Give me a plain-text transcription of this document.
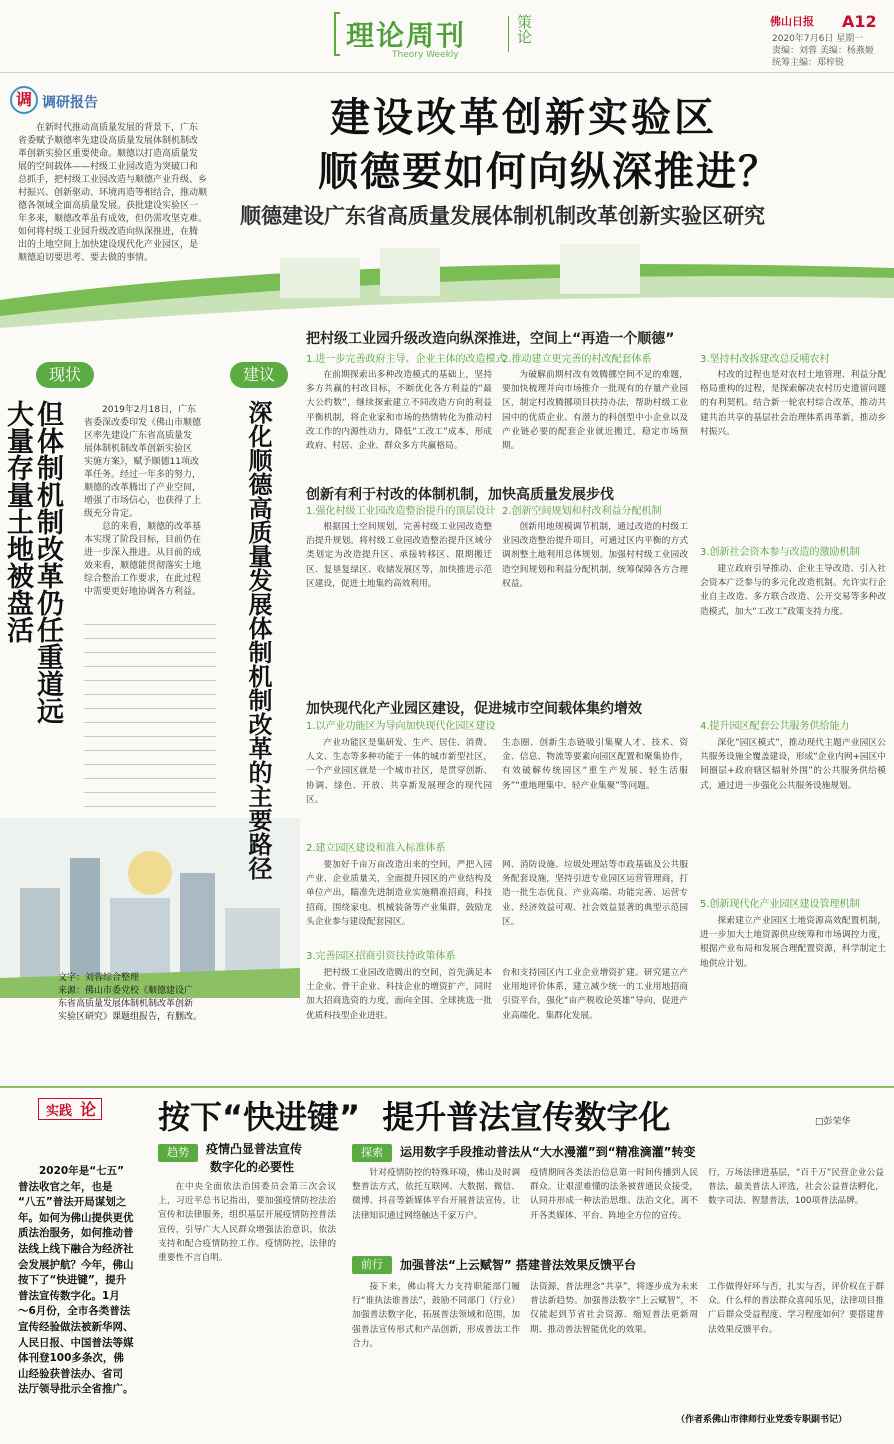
理论周刊
Theory Weekly
策论	佛山日报 A12
2020年7月6日 星期一
责编：刘蓉 美编：杨燕姬
统筹主编：郑梓锐
调 调研报告
在新时代推动高质量发展的背景下，广东
省委赋予顺德率先建设高质量发展体制机制改
革创新实验区重要使命。顺德以打造高质量发
展的空间载体——村级工业园改造为突破口和
总抓手，把村级工业园改造与顺德产业升级、乡
村振兴、创新驱动、环境再造等相结合，推动顺
德各领域全面高质量发展。获批建设实验区一
年多来，顺德改革虽有成效，但仍需攻坚克难。
如何将村级工业园升级改造向纵深推进，在腾
出的土地空间上加快建设现代化产业园区，是
顺德迫切要思考、要去做的事情。
建设改革创新实验区
顺德要如何向纵深推进？
顺德建设广东省高质量发展体制机制改革创新实验区研究
把村级工业园升级改造向纵深推进，空间上“再造一个顺德”
现状
但体制机制改革仍任重道远
大量存量土地被盘活	2019年2月18日，广东
省委深改委印发《佛山市顺德
区率先建设广东省高质量发
展体制机制改革创新实验区
实施方案》，赋予顺德11项改
革任务。经过一年多的努力，
顺德的改革腾出了产业空间，
增强了市场信心，也获得了上
级充分肯定。
总的来看，顺德的改革基
本实现了阶段目标，目前仍在
进一步深入推进。从目前的成
效来看，顺德能贯彻落实土地
综合整治工作要求，在此过程
中需要更好地协调各方利益。
文字：刘蓉综合整理
来源：佛山市委党校《顺德建设广
东省高质量发展体制机制改革创新
实验区研究》课题组报告，有删改。
建议
深化顺德高质量发展体制机制改革的主要路径
1.进一步完善政府主导、企业主体的改造模式
2.推动建立更完善的村改配套体系	3.坚持村改拆建改总反哺农村
在前期探索出多种改造模式的基础上，坚持多方共赢的村改目标，不断优化各方利益的“最大公约数”，继续探索建立不同改造方向的利益平衡机制，将企业家和市场的热情转化为推动村改工作的内源性动力，降低“工改工”成本，形成政府、村居、企业、群众多方共赢格局。
为破解前期村改有效腾挪空间不足的难题，要加快梳理并向市场推介一批现有的存量产业园区，制定村改腾挪项目扶持办法，帮助村级工业园中的优质企业、有潜力的科创型中小企业以及产业链必要的配套企业就近搬迁，稳定市场预期。
村改的过程也是对农村土地管理、利益分配格局重构的过程，是探索解决农村历史遗留问题的有利契机。结合新一轮农村综合改革，推动共建共治共享的基层社会治理体系再革新，推动乡村振兴。
创新有利于村改的体制机制，加快高质量发展步伐
1.强化村级工业园改造整治提升的顶层设计 2.创新空间规划和村改利益分配机制
3.创新社会资本参与改造的激励机制
根据国土空间规划，完善村级工业园改造整治提升规划。将村级工业园改造整治提升区域分类划定为改造提升区、承接转移区、限期搬迁区、复垦复绿区、收储发展区等，加快推进示范区建设，促进土地集约高效利用。
创新用地规模调节机制，通过改造的村级工业园改造整治提升项目，可通过区内平衡的方式调剂整土地利用总体规划。加强村村级工业园改造空间规划和利益分配机制，统筹保障各方合理权益。
建立政府引导推动、企业主导改造、引入社会资本广泛参与的多元化改造机制。允许实行企业自主改造、多方联合改造、公开交易等多种改造模式，加大“工改工”政策支持力度。
加快现代化产业园区建设，促进城市空间载体集约增效
1.以产业功能区为导向加快现代化园区建设	4.提升园区配套公共服务供给能力
产业功能区是集研发、生产、居住、消费、人文、生态等多种功能于一体的城市新型社区，一个产业园区就是一个城市社区，是贯穿创新、协调、绿色、开放、共享新发展理念的现代园区。
生态圈、创新生态链吸引集聚人才、技术、资金、信息、物流等要素向园区配置和聚集协作，有效破解传统园区“重生产发展、轻生活服务”“重地理集中、轻产业集聚”等问题。
深化“园区模式”，推动现代主题产业园区公共服务设施全覆盖建设，形成“企业内网+园区中间圈层+政府辖区辐射外围”的公共服务供给模式，通过进一步强化公共服务设施规划。
2.建立园区建设和准入标准体系
要加好千亩万亩改造出来的空间，严把入园产业、企业质量关，全面提升园区的产业结构及单位产出，瞄准先进制造业实施精准招商，科技招商，围绕家电、机械装备等产业集群，鼓励龙头企业参与建设配套园区。
网、消防设施、垃圾处理站等市政基础及公共服务配套设施，坚持引进专业园区运营管理商，打造一批生态优良、产业高端、功能完善、运营专业、经济效益可观、社会效益显著的典型示范园区。
5.创新现代化产业园区建设管理机制
探索建立产业园区土地资源高效配置机制，进一步加大土地资源供应统筹和市场调控力度，根据产业布局和发展合理配置资源，科学制定土地供应计划。
3.完善园区招商引资扶持政策体系
把村级工业园改造腾出的空间，首先满足本土企业、骨干企业、科技企业的增资扩产，同时加大招商选资的力度，面向全国、全球挑选一批优质科技型企业进驻。
台和支持园区内工业企业增资扩建。研究建立产业用地评价体系，建立减少统一的工业用地招商引资平台，强化“亩产税收论英雄”导向，促进产业高端化、集群化发展。
实践 论 按下“快进键”  提升普法宣传数字化	□彭荣华
2020年是“七五”
普法收官之年，也是
“八五”普法开局谋划之
年。如何为佛山提供更优
质法治服务，如何推动普
法线上线下融合为经济社
会发展护航？今年，佛山
按下了“快进键”，提升
普法宣传数字化。1月
～6月份，全市各类普法
宣传经验做法被新华网、
人民日报、中国普法等媒
体刊登100多条次，佛
山经验获普法办、省司
法厅领导批示全省推广。
趋势	疫情凸显普法宣传
数字化的必要性
在中央全面依法治国委员会第三次会议上，习近平总书记指出，要加强疫情防控法治宣传和法律服务，组织基层开展疫情防控普法宣传，引导广大人民群众增强法治意识，依法支持和配合疫情防控工作。疫情防控，法律的重要性不言自明。
探索	运用数字手段推动普法从“大水漫灌”到“精准滴灌”转变
针对疫情防控的特殊环境，佛山及时调整普法方式，依托互联网、大数据、微信、微博、抖音等新媒体平台开展普法宣传，让法律知识通过网络触达千家万户。
疫情期间各类法治信息第一时间传播到人民群众。让艰涩难懂的法条被普通民众接受，认同并形成一种法治思维、法治文化，离不开各类媒体、平台、阵地全方位的宣传。
行，万场法律进基层，“百千万”民营企业公益普法，最美普法人评选，社会公益普法孵化，数字司法、智慧普法，100项普法品牌。
前行	加强普法“上云赋智” 搭建普法效果反馈平台
接下来，佛山将大力支持职能部门履行“谁执法谁普法”，鼓励不同部门（行业）加强普法数字化，拓展普法领域和范围，加强普法宣传形式和产品创新，形成普法工作合力。
法资源，普法理念“共享”，将逐步成为未来普法新趋势。加强普法数字“上云赋智”，不仅能起到节省社会资源、缩短普法更新周期、推动普法智能优化的效果。
工作做得好坏与否，扎实与否，评价权在于群众。什么样的普法群众喜闻乐见，法律项目推广后群众受益程度、学习程度如何？要搭建普法效果反馈平台。
（作者系佛山市律师行业党委专职副书记）
